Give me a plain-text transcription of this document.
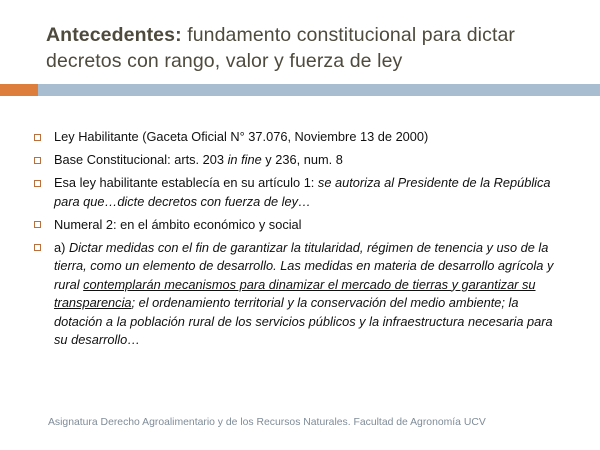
Antecedentes: fundamento constitucional para dictar decretos con rango, valor y fuerza de ley
Ley Habilitante (Gaceta Oficial N° 37.076, Noviembre 13 de 2000)
Base Constitucional: arts. 203 in fine y 236, num. 8
Esa ley habilitante establecía en su artículo 1: se autoriza al Presidente de la República para que…dicte decretos con fuerza de ley…
Numeral 2: en el ámbito económico y social
a) Dictar medidas con el fin de garantizar la titularidad, régimen de tenencia y uso de la tierra, como un elemento de desarrollo. Las medidas en materia de desarrollo agrícola y rural contemplarán mecanismos para dinamizar el mercado de tierras y garantizar su transparencia; el ordenamiento territorial y la conservación del medio ambiente; la dotación a la población rural de los servicios públicos y la infraestructura necesaria para su desarrollo…
Asignatura Derecho Agroalimentario y de los Recursos Naturales. Facultad de Agronomía UCV
